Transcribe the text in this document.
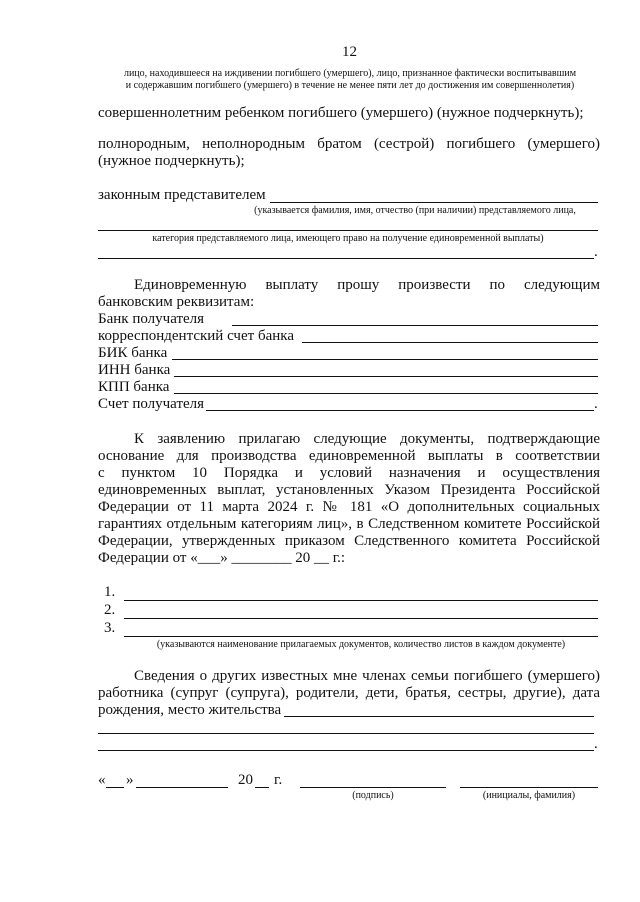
12
лицо, находившееся на иждивении погибшего (умершего), лицо, признанное фактически воспитывавшим
и содержавшим погибшего (умершего) в течение не менее пяти лет до достижения им совершеннолетия)
совершеннолетним ребенком погибшего (умершего) (нужное подчеркнуть);
полнородным, неполнородным братом (сестрой) погибшего (умершего)
(нужное подчеркнуть);
законным представителем
(указывается фамилия, имя, отчество (при наличии) представляемого лица,
категория представляемого лица, имеющего право на получение единовременной выплаты)
.
Единовременную выплату прошу произвести по следующим
банковским реквизитам:
Банк получателя
корреспондентский счет банка
БИК банка
ИНН банка
КПП банка
Счет получателя	.
К заявлению прилагаю следующие документы, подтверждающие
основание для производства единовременной выплаты в соответствии
с пунктом 10 Порядка и условий назначения и осуществления
единовременных выплат, установленных Указом Президента Российской
Федерации от 11 марта 2024 г. № 181 «О дополнительных социальных
гарантиях отдельным категориям лиц», в Следственном комитете Российской
Федерации, утвержденных приказом Следственного комитета Российской
Федерации от «___» ________ 20 __ г.:
1.
2.
3.
(указываются наименование прилагаемых документов, количество листов в каждом документе)
Сведения о других известных мне членах семьи погибшего (умершего)
работника (супруг (супруга), родители, дети, братья, сестры, другие), дата
рождения, место жительства
.
« »	20 г.
(подпись)	(инициалы, фамилия)
